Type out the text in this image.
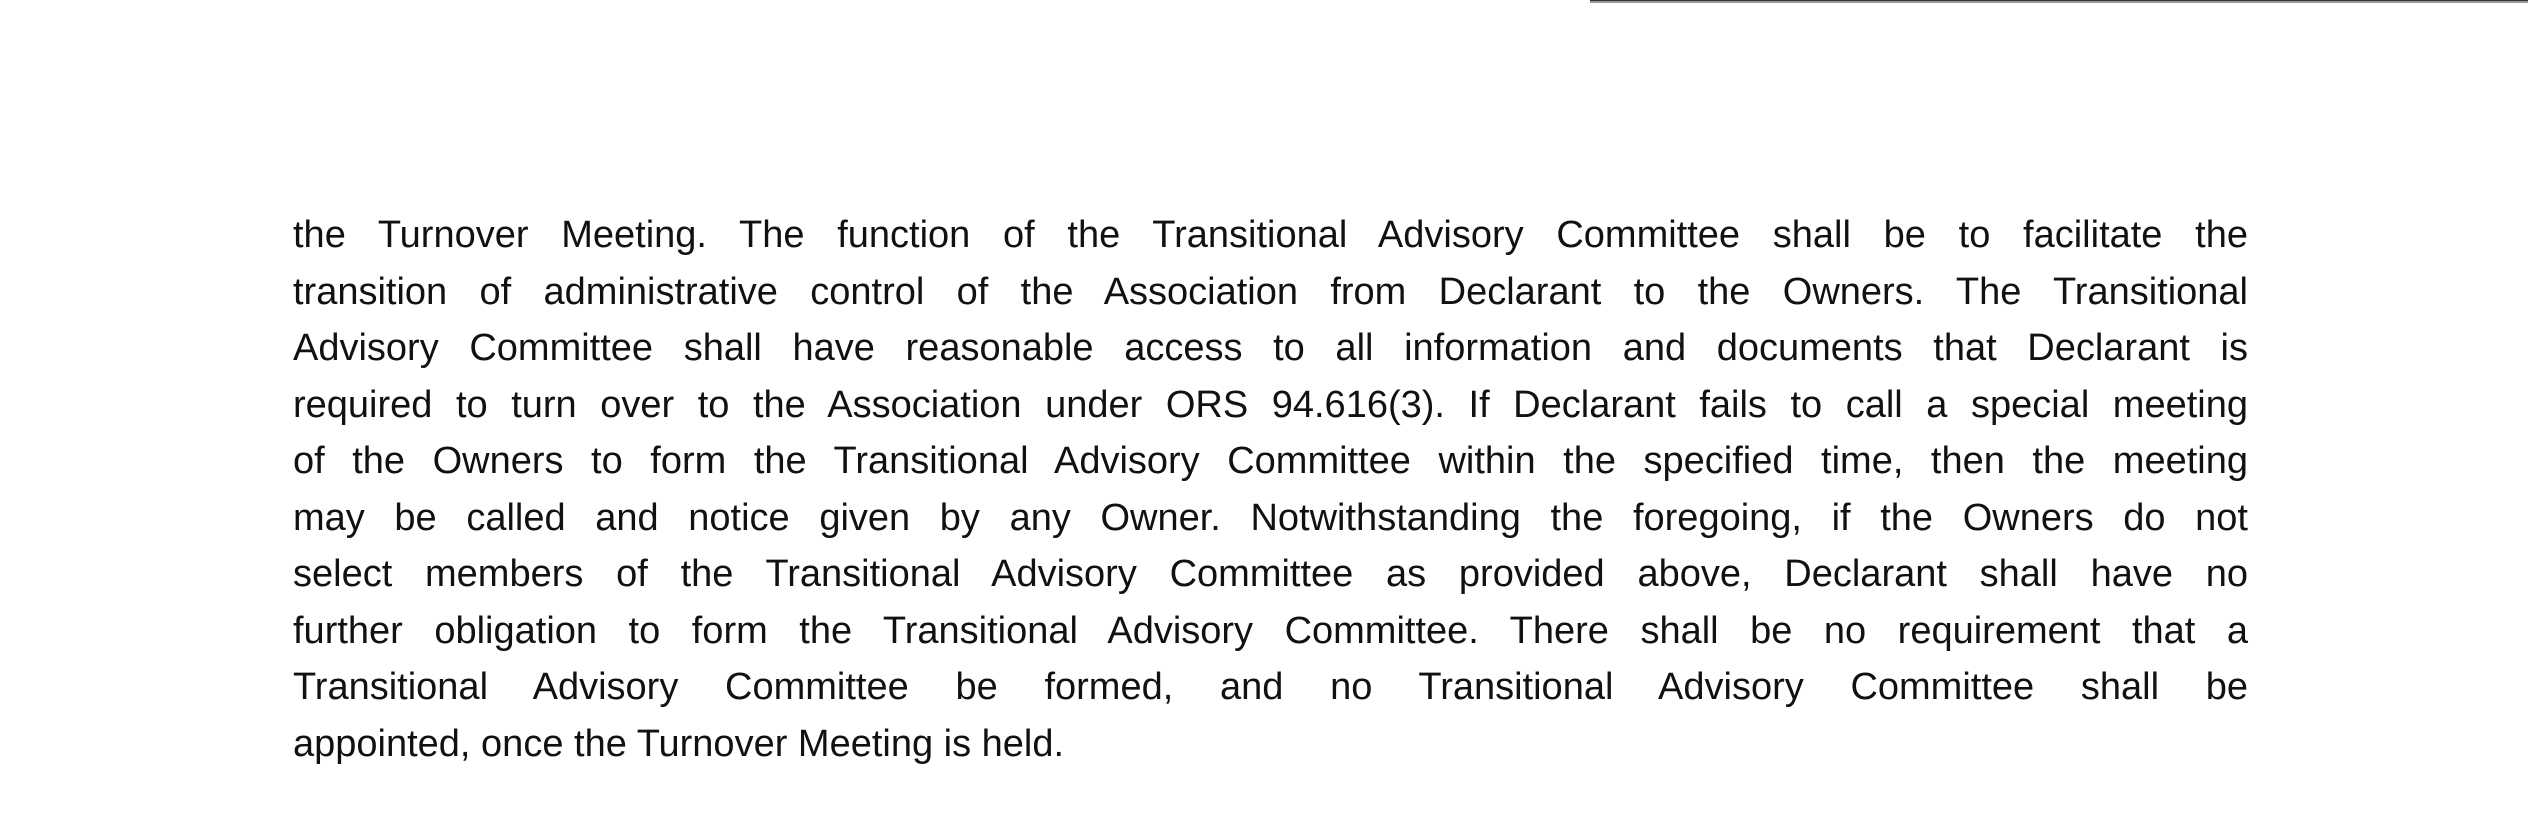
the Turnover Meeting. The function of the Transitional Advisory Committee shall be to facilitate the
transition of administrative control of the Association from Declarant to the Owners. The Transitional
Advisory Committee shall have reasonable access to all information and documents that Declarant is
required to turn over to the Association under ORS 94.616(3). If Declarant fails to call a special meeting
of the Owners to form the Transitional Advisory Committee within the specified time, then the meeting
may be called and notice given by any Owner. Notwithstanding the foregoing, if the Owners do not
select members of the Transitional Advisory Committee as provided above, Declarant shall have no
further obligation to form the Transitional Advisory Committee. There shall be no requirement that a
Transitional Advisory Committee be formed, and no Transitional Advisory Committee shall be
appointed, once the Turnover Meeting is held.
